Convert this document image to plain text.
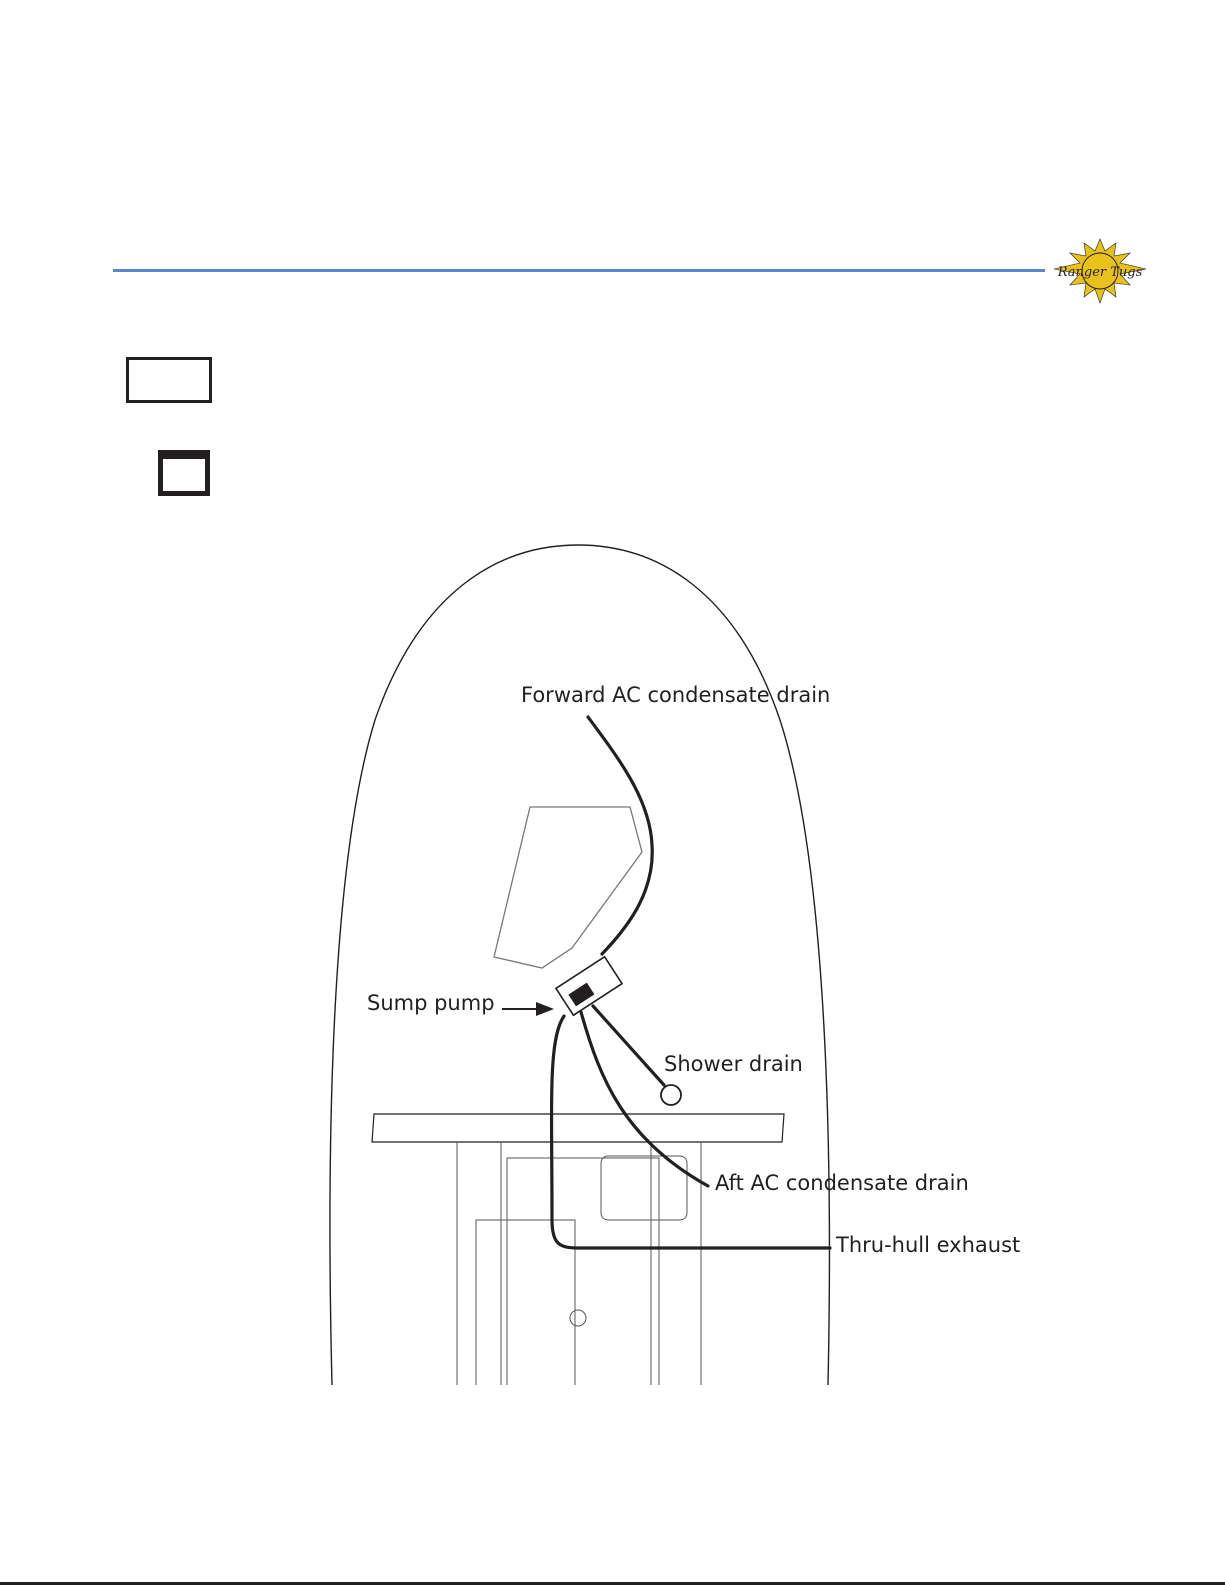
Ranger Tugs
Forward AC condensate drain
Sump pump
Shower drain
Aft AC condensate drain
Thru-hull exhaust
